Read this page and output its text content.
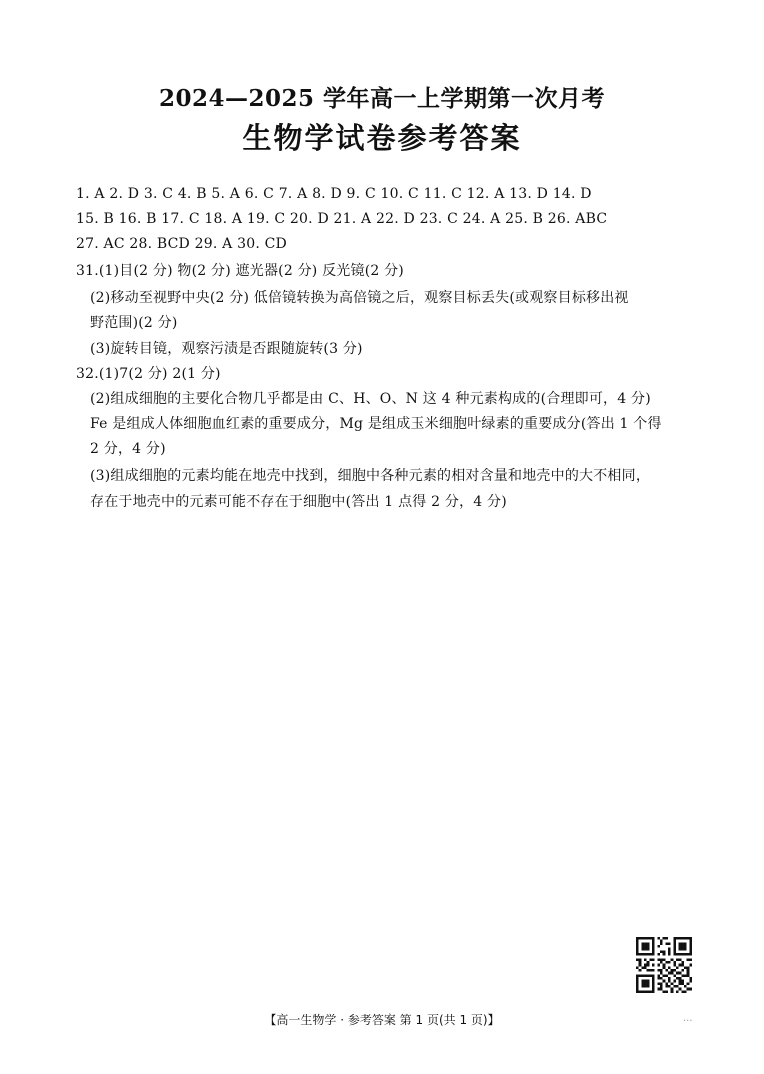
2024—2025 学年高一上学期第一次月考
生物学试卷参考答案
1. A 2. D 3. C 4. B 5. A 6. C 7. A 8. D 9. C 10. C 11. C 12. A 13. D 14. D
15. B 16. B 17. C 18. A 19. C 20. D 21. A 22. D 23. C 24. A 25. B 26. ABC
27. AC 28. BCD 29. A 30. CD
31.(1)目(2 分) 物(2 分) 遮光器(2 分) 反光镜(2 分)
(2)移动至视野中央(2 分) 低倍镜转换为高倍镜之后，观察目标丢失(或观察目标移出视
野范围)(2 分)
(3)旋转目镜，观察污渍是否跟随旋转(3 分)
32.(1)7(2 分) 2(1 分)
(2)组成细胞的主要化合物几乎都是由 C、H、O、N 这 4 种元素构成的(合理即可，4 分)
Fe 是组成人体细胞血红素的重要成分，Mg 是组成玉米细胞叶绿素的重要成分(答出 1 个得
2 分，4 分)
(3)组成细胞的元素均能在地壳中找到，细胞中各种元素的相对含量和地壳中的大不相同，
存在于地壳中的元素可能不存在于细胞中(答出 1 点得 2 分，4 分)
【高一生物学 · 参考答案 第 1 页(共 1 页)】	...
